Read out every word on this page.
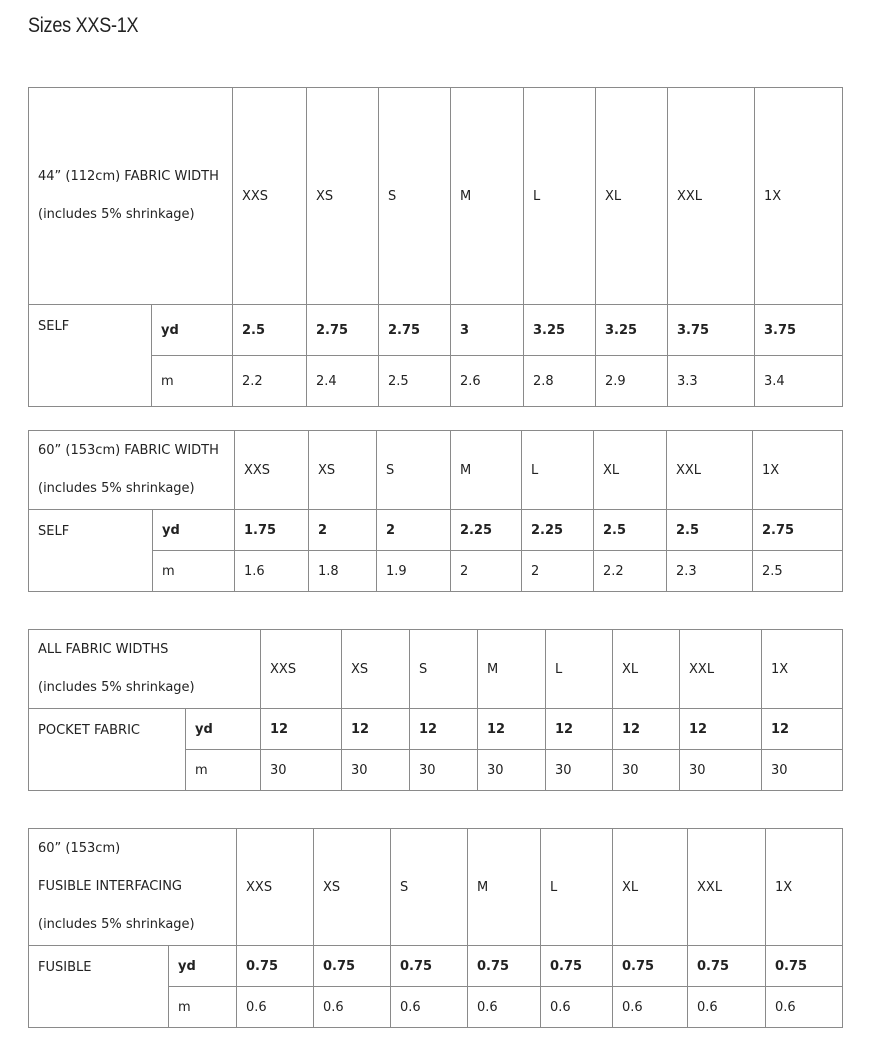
Sizes XXS-1X
44” (112cm) FABRIC WIDTH
(includes 5% shrinkage)		XXS	XS	S	M	L	XL	XXL	1X
SELF	yd	2.5	2.75	2.75	3	3.25	3.25	3.75	3.75
	m	2.2	2.4	2.5	2.6	2.8	2.9	3.3	3.4
60” (153cm) FABRIC WIDTH
(includes 5% shrinkage)		XXS	XS	S	M	L	XL	XXL	1X
SELF	yd	1.75	2	2	2.25	2.25	2.5	2.5	2.75
	m	1.6	1.8	1.9	2	2	2.2	2.3	2.5
ALL FABRIC WIDTHS
(includes 5% shrinkage)		XXS	XS	S	M	L	XL	XXL	1X
POCKET FABRIC	yd	12	12	12	12	12	12	12	12
	m	30	30	30	30	30	30	30	30
60” (153cm)
FUSIBLE INTERFACING
(includes 5% shrinkage)		XXS	XS	S	M	L	XL	XXL	1X
FUSIBLE	yd	0.75	0.75	0.75	0.75	0.75	0.75	0.75	0.75
	m	0.6	0.6	0.6	0.6	0.6	0.6	0.6	0.6
